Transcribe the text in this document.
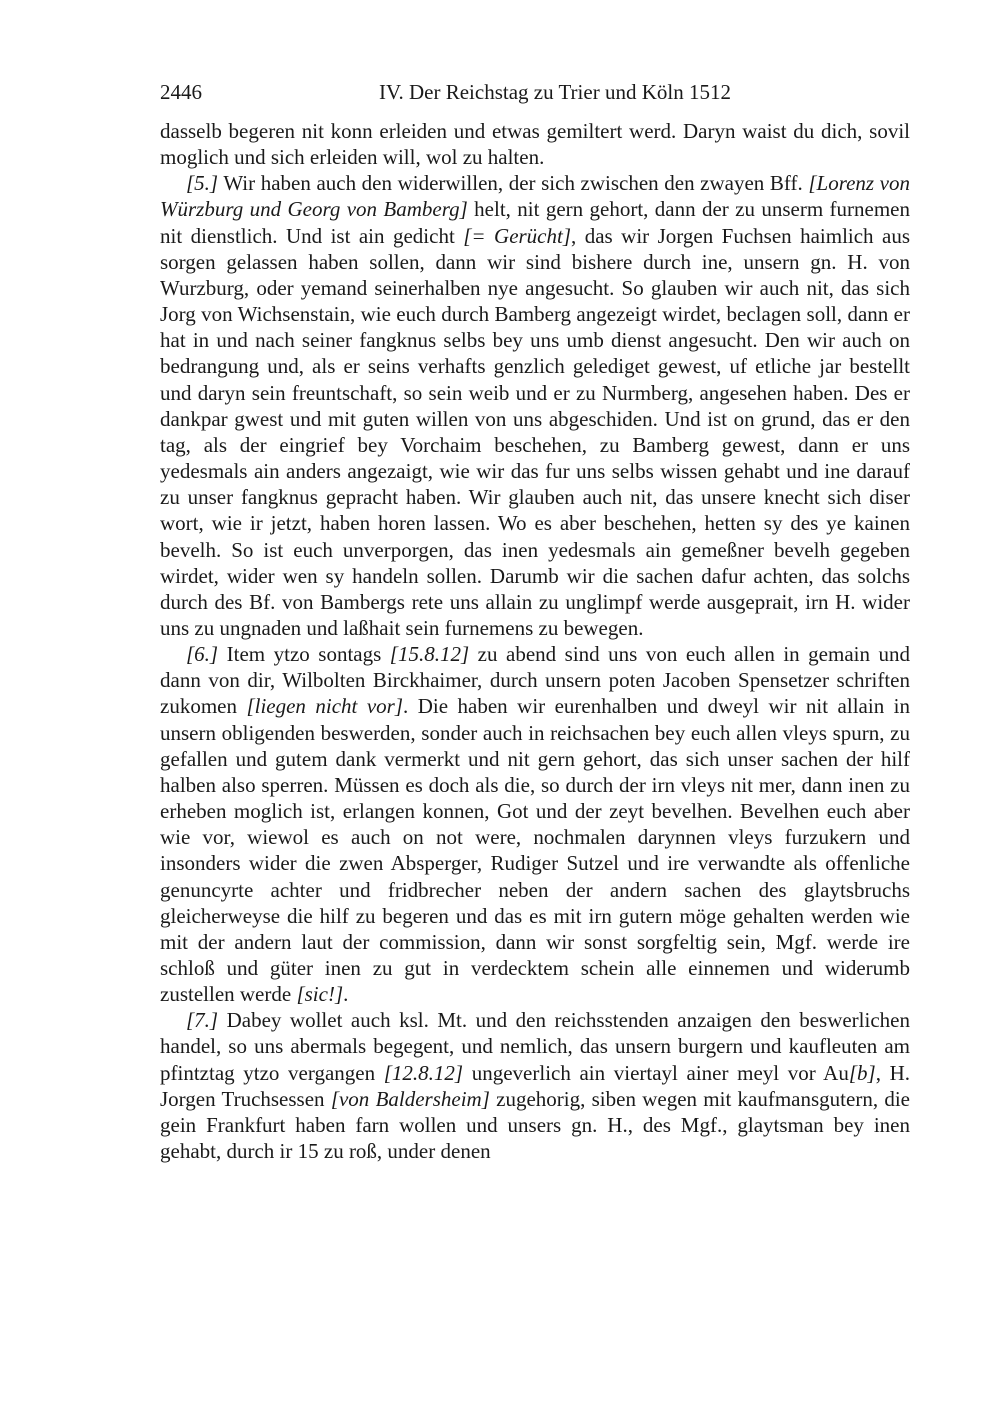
2446	IV. Der Reichstag zu Trier und Köln 1512

dasselb begeren nit konn erleiden und etwas gemiltert werd. Daryn waist du dich, sovil moglich und sich erleiden will, wol zu halten.

[5.] Wir haben auch den widerwillen, der sich zwischen den zwayen Bff. [Lorenz von Würzburg und Georg von Bamberg] helt, nit gern gehort, dann der zu unserm furnemen nit dienstlich. Und ist ain gedicht [= Gerücht], das wir Jorgen Fuchsen haimlich aus sorgen gelassen haben sollen, dann wir sind bishere durch ine, unsern gn. H. von Wurzburg, oder yemand seinerhalben nye angesucht. So glauben wir auch nit, das sich Jorg von Wichsenstain, wie euch durch Bamberg angezeigt wirdet, beclagen soll, dann er hat in und nach seiner fangknus selbs bey uns umb dienst angesucht. Den wir auch on bedrangung und, als er seins verhafts genzlich gelediget gewest, uf etliche jar bestellt und daryn sein freuntschaft, so sein weib und er zu Nurmberg, angesehen haben. Des er dankpar gwest und mit guten willen von uns abgeschiden. Und ist on grund, das er den tag, als der eingrief bey Vorchaim beschehen, zu Bamberg gewest, dann er uns yedesmals ain anders angezaigt, wie wir das fur uns selbs wissen gehabt und ine darauf zu unser fangknus gepracht haben. Wir glauben auch nit, das unsere knecht sich diser wort, wie ir jetzt, haben horen lassen. Wo es aber beschehen, hetten sy des ye kainen bevelh. So ist euch unverporgen, das inen yedesmals ain gemeßner bevelh gegeben wirdet, wider wen sy handeln sollen. Darumb wir die sachen dafur achten, das solchs durch des Bf. von Bambergs rete uns allain zu unglimpf werde ausgeprait, irn H. wider uns zu ungnaden und laßhait sein furnemens zu bewegen.

[6.] Item ytzo sontags [15.8.12] zu abend sind uns von euch allen in gemain und dann von dir, Wilbolten Birckhaimer, durch unsern poten Jacoben Spensetzer schriften zukomen [liegen nicht vor]. Die haben wir eurenhalben und dweyl wir nit allain in unsern obligenden beswerden, sonder auch in reichsachen bey euch allen vleys spurn, zu gefallen und gutem dank vermerkt und nit gern gehort, das sich unser sachen der hilf halben also sperren. Müssen es doch als die, so durch der irn vleys nit mer, dann inen zu erheben moglich ist, erlangen konnen, Got und der zeyt bevelhen. Bevelhen euch aber wie vor, wiewol es auch on not were, nochmalen darynnen vleys furzukern und insonders wider die zwen Absperger, Rudiger Sutzel und ire verwandte als offenliche genuncyrte achter und fridbrecher neben der andern sachen des glaytsbruchs gleicherweyse die hilf zu begeren und das es mit irn gutern möge gehalten werden wie mit der andern laut der commission, dann wir sonst sorgfeltig sein, Mgf. werde ire schloß und güter inen zu gut in verdecktem schein alle einnemen und widerumb zustellen werde [sic!].

[7.] Dabey wollet auch ksl. Mt. und den reichsstenden anzaigen den beswerlichen handel, so uns abermals begegent, und nemlich, das unsern burgern und kaufleuten am pfintztag ytzo vergangen [12.8.12] ungeverlich ain viertayl ainer meyl vor Au[b], H. Jorgen Truchsessen [von Baldersheim] zugehorig, siben wegen mit kaufmansgutern, die gein Frankfurt haben farn wollen und unsers gn. H., des Mgf., glaytsman bey inen gehabt, durch ir 15 zu roß, under denen
